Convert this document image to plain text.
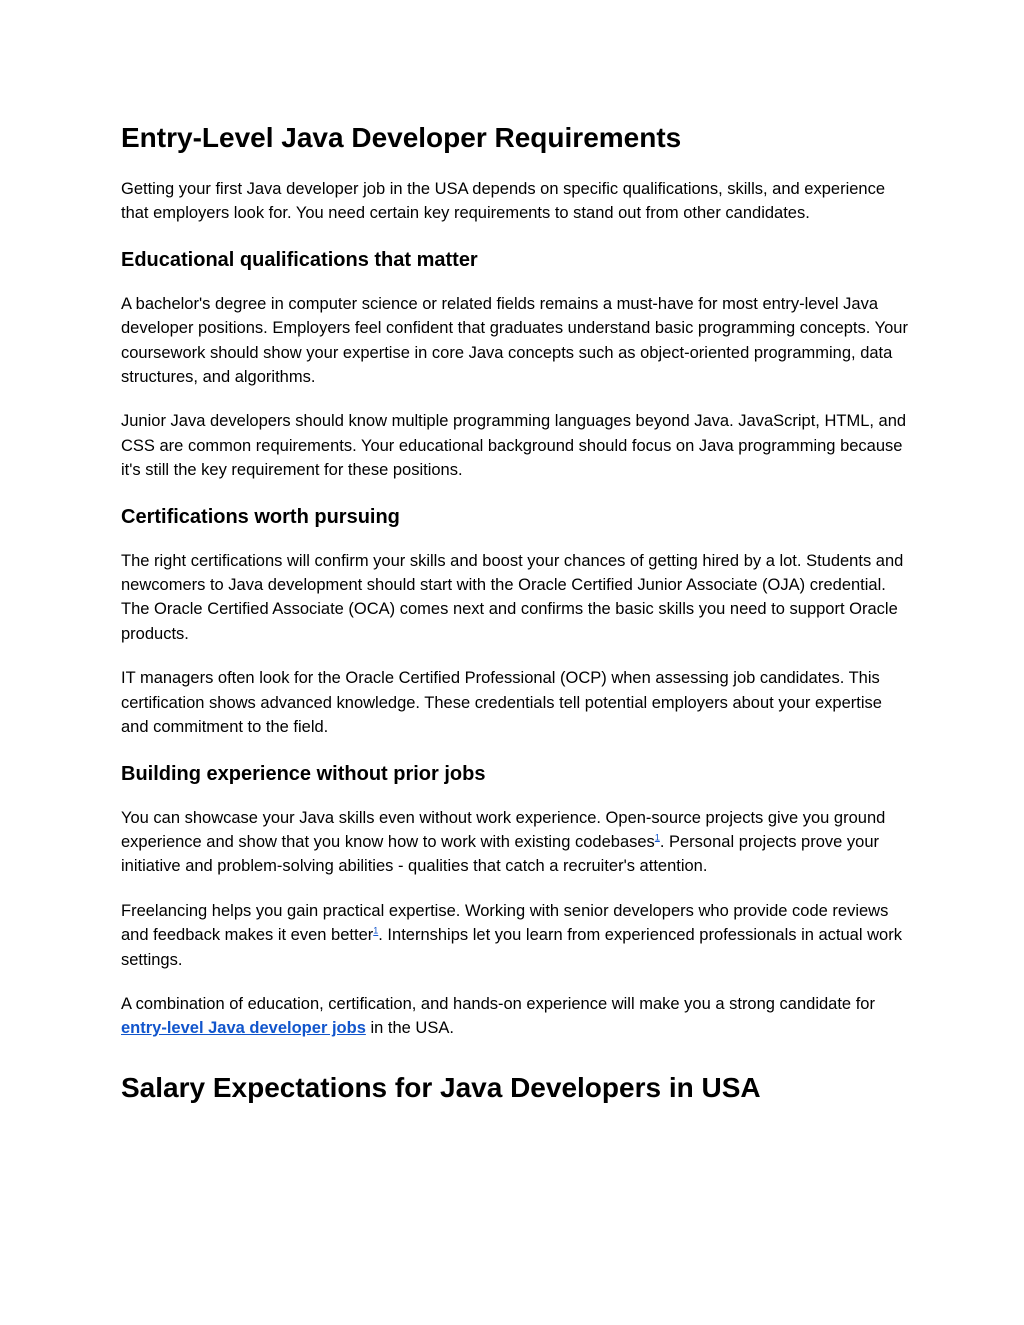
Entry-Level Java Developer Requirements

Getting your first Java developer job in the USA depends on specific qualifications, skills, and experience that employers look for. You need certain key requirements to stand out from other candidates.

Educational qualifications that matter

A bachelor's degree in computer science or related fields remains a must-have for most entry-level Java developer positions. Employers feel confident that graduates understand basic programming concepts. Your coursework should show your expertise in core Java concepts such as object-oriented programming, data structures, and algorithms.

Junior Java developers should know multiple programming languages beyond Java. JavaScript, HTML, and CSS are common requirements. Your educational background should focus on Java programming because it's still the key requirement for these positions.

Certifications worth pursuing

The right certifications will confirm your skills and boost your chances of getting hired by a lot. Students and newcomers to Java development should start with the Oracle Certified Junior Associate (OJA) credential. The Oracle Certified Associate (OCA) comes next and confirms the basic skills you need to support Oracle products.

IT managers often look for the Oracle Certified Professional (OCP) when assessing job candidates. This certification shows advanced knowledge. These credentials tell potential employers about your expertise and commitment to the field.

Building experience without prior jobs

You can showcase your Java skills even without work experience. Open-source projects give you ground experience and show that you know how to work with existing codebases$^1$. Personal projects prove your initiative and problem-solving abilities - qualities that catch a recruiter's attention.

Freelancing helps you gain practical expertise. Working with senior developers who provide code reviews and feedback makes it even better$^1$. Internships let you learn from experienced professionals in actual work settings.

A combination of education, certification, and hands-on experience will make you a strong candidate for entry-level Java developer jobs in the USA.

Salary Expectations for Java Developers in USA
